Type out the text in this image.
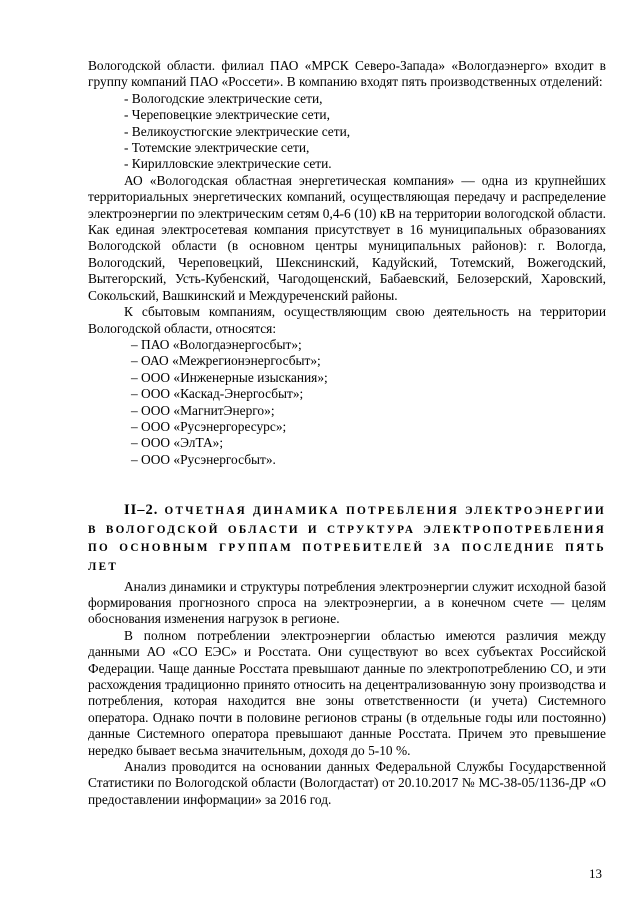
Вологодской области. филиал ПАО «МРСК Северо-Запада» «Вологдаэнерго» входит в группу компаний ПАО «Россети». В компанию входят пять производственных отделений:

- Вологодские электрические сети,
- Череповецкие электрические сети,
- Великоустюгские электрические сети,
- Тотемские электрические сети,
- Кирилловские электрические сети.

АО «Вологодская областная энергетическая компания» — одна из крупнейших территориальных энергетических компаний, осуществляющая передачу и распределение электроэнергии по электрическим сетям 0,4-6 (10) кВ на территории вологодской области. Как единая электросетевая компания присутствует в 16 муниципальных образованиях Вологодской области (в основном центры муниципальных районов): г. Вологда, Вологодский, Череповецкий, Шекснинский, Кадуйский, Тотемский, Вожегодский, Вытегорский, Усть-Кубенский, Чагодощенский, Бабаевский, Белозерский, Харовский, Сокольский, Вашкинский и Междуреченский районы.

К сбытовым компаниям, осуществляющим свою деятельность на территории Вологодской области, относятся:

– ПАО «Вологдаэнергосбыт»;
– ОАО «Межрегионэнергосбыт»;
– ООО «Инженерные изыскания»;
– ООО «Каскад-Энергосбыт»;
– ООО «МагнитЭнерго»;
– ООО «Русэнергоресурс»;
– ООО «ЭлТА»;
– ООО «Русэнергосбыт».
II–2. ОТЧЕТНАЯ ДИНАМИКА ПОТРЕБЛЕНИЯ ЭЛЕКТРОЭНЕРГИИ В ВОЛОГОДСКОЙ ОБЛАСТИ И СТРУКТУРА ЭЛЕКТРОПОТРЕБЛЕНИЯ ПО ОСНОВНЫМ ГРУППАМ ПОТРЕБИТЕЛЕЙ ЗА ПОСЛЕДНИЕ ПЯТЬ ЛЕТ

Анализ динамики и структуры потребления электроэнергии служит исходной базой формирования прогнозного спроса на электроэнергии, а в конечном счете — целям обоснования изменения нагрузок в регионе.

В полном потреблении электроэнергии областью имеются различия между данными АО «СО ЕЭС» и Росстата. Они существуют во всех субъектах Российской Федерации. Чаще данные Росстата превышают данные по электропотреблению СО, и эти расхождения традиционно принято относить на децентрализованную зону производства и потребления, которая находится вне зоны ответственности (и учета) Системного оператора. Однако почти в половине регионов страны (в отдельные годы или постоянно) данные Системного оператора превышают данные Росстата. Причем это превышение нередко бывает весьма значительным, доходя до 5-10 %.

Анализ проводится на основании данных Федеральной Службы Государственной Статистики по Вологодской области (Вологдастат) от 20.10.2017 № МС-38-05/1136-ДР «О предоставлении информации» за 2016 год.

13
